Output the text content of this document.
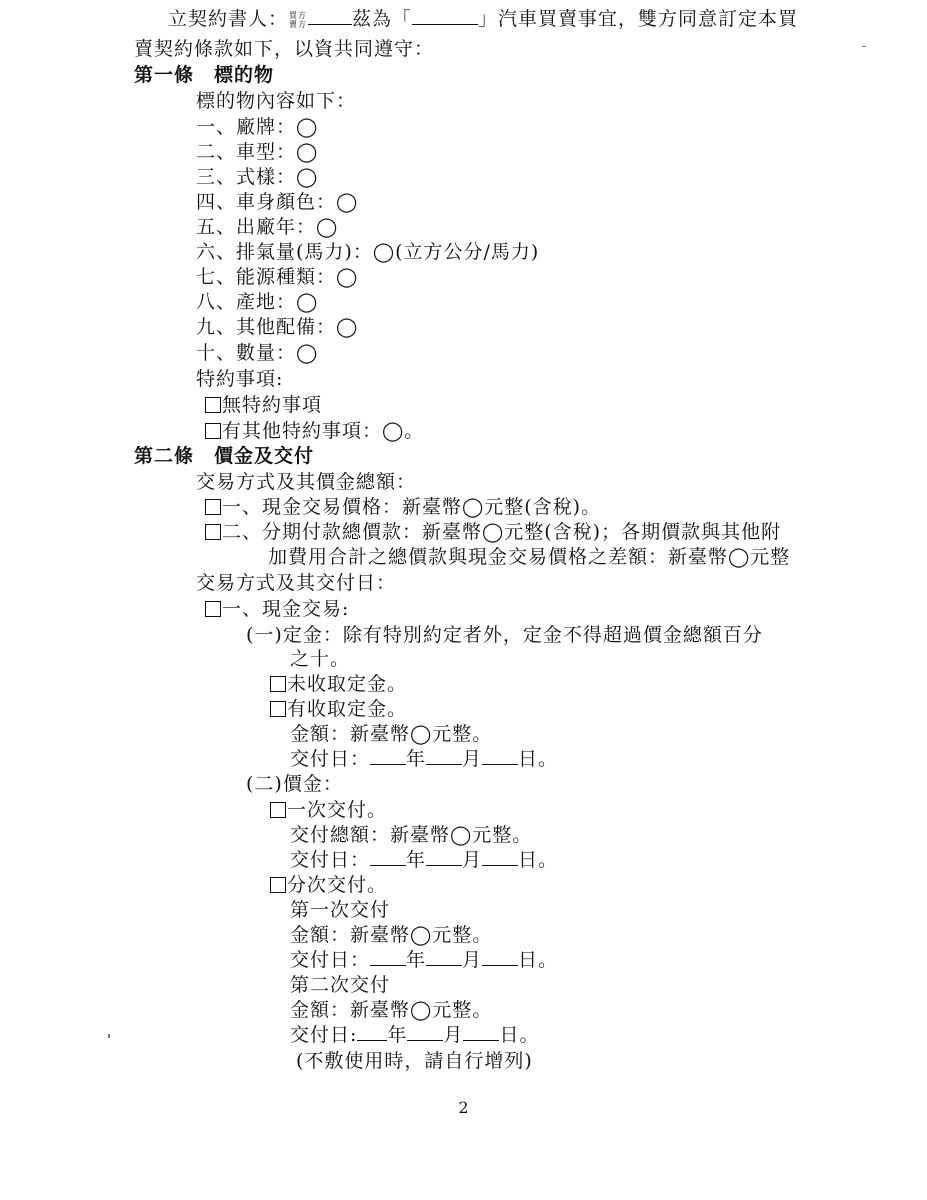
立契約書人：買方
賣方 茲為「	」汽車買賣事宜，雙方同意訂定本買
賣契約條款如下，以資共同遵守：
第一條　標的物
標的物內容如下：
一、廠牌：◯
二、車型：◯
三、式樣：◯
四、車身顏色：◯
五、出廠年：◯
六、排氣量(馬力)：◯(立方公分/馬力)
七、能源種類：◯
八、產地：◯
九、其他配備：◯
十、數量：◯
特約事項:
無特約事項
有其他特約事項：◯。
第二條　價金及交付
交易方式及其價金總額：
一、現金交易價格：新臺幣◯元整(含稅)。
二、分期付款總價款：新臺幣◯元整(含稅)；各期價款與其他附
加費用合計之總價款與現金交易價格之差額：新臺幣◯元整
交易方式及其交付日：
一、現金交易:
(一)定金：除有特別約定者外，定金不得超過價金總額百分
之十。
未收取定金。
有收取定金。
金額：新臺幣◯元整。
交付日： 年 月 日。
(二)價金：
一次交付。
交付總額：新臺幣◯元整。
交付日： 年 月 日。
分次交付。
第一次交付
金額：新臺幣◯元整。
交付日： 年 月 日。
第二次交付
金額：新臺幣◯元整。
交付日: 年 月 日。
(不敷使用時，請自行增列)
2
